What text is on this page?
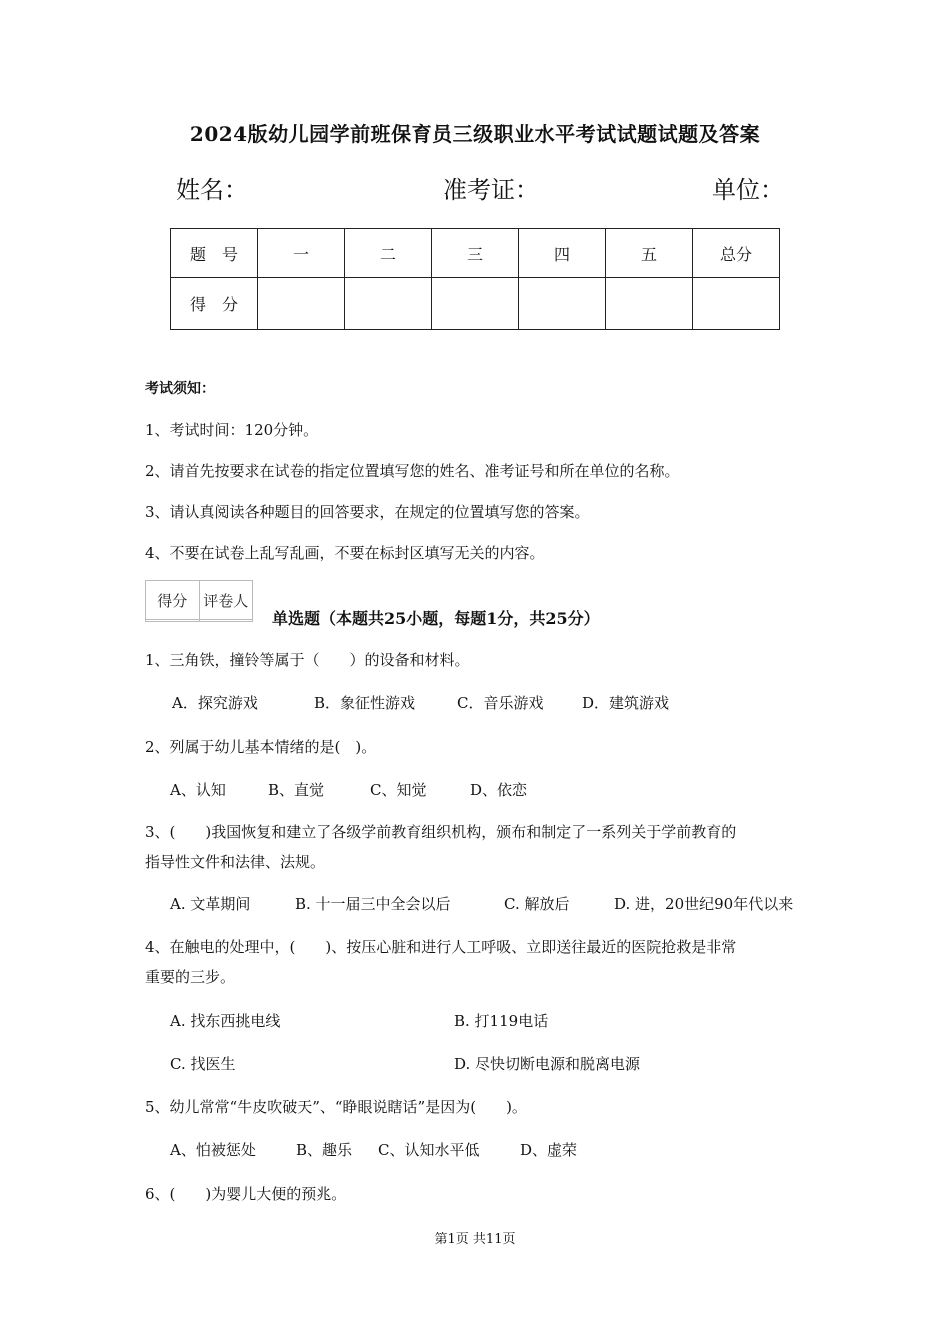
2024版幼儿园学前班保育员三级职业水平考试试题试题及答案
姓名：	准考证：	单位：
题　号	一	二	三	四	五	总分
得　分						
考试须知：
1、考试时间：120分钟。
2、请首先按要求在试卷的指定位置填写您的姓名、准考证号和所在单位的名称。
3、请认真阅读各种题目的回答要求，在规定的位置填写您的答案。
4、不要在试卷上乱写乱画，不要在标封区填写无关的内容。
得分	评卷人

单选题（本题共25小题，每题1分，共25分）
1、三角铁，撞铃等属于（　　）的设备和材料。
A．探究游戏	B．象征性游戏	C．音乐游戏	D．建筑游戏
2、列属于幼儿基本情绪的是(　)。
A、认知	B、直觉	C、知觉	D、依恋
3、(　　)我国恢复和建立了各级学前教育组织机构，颁布和制定了一系列关于学前教育的
指导性文件和法律、法规。
A. 文革期间	B. 十一届三中全会以后	C. 解放后	D. 进，20世纪90年代以来
4、在触电的处理中，(　　)、按压心脏和进行人工呼吸、立即送往最近的医院抢救是非常
重要的三步。
A. 找东西挑电线	B. 打119电话
C. 找医生	D. 尽快切断电源和脱离电源
5、幼儿常常“牛皮吹破天”、“睁眼说瞎话”是因为(　　)。
A、怕被惩处	B、趣乐 C、认知水平低	D、虚荣
6、(　　)为婴儿大便的预兆。
第1页 共11页
